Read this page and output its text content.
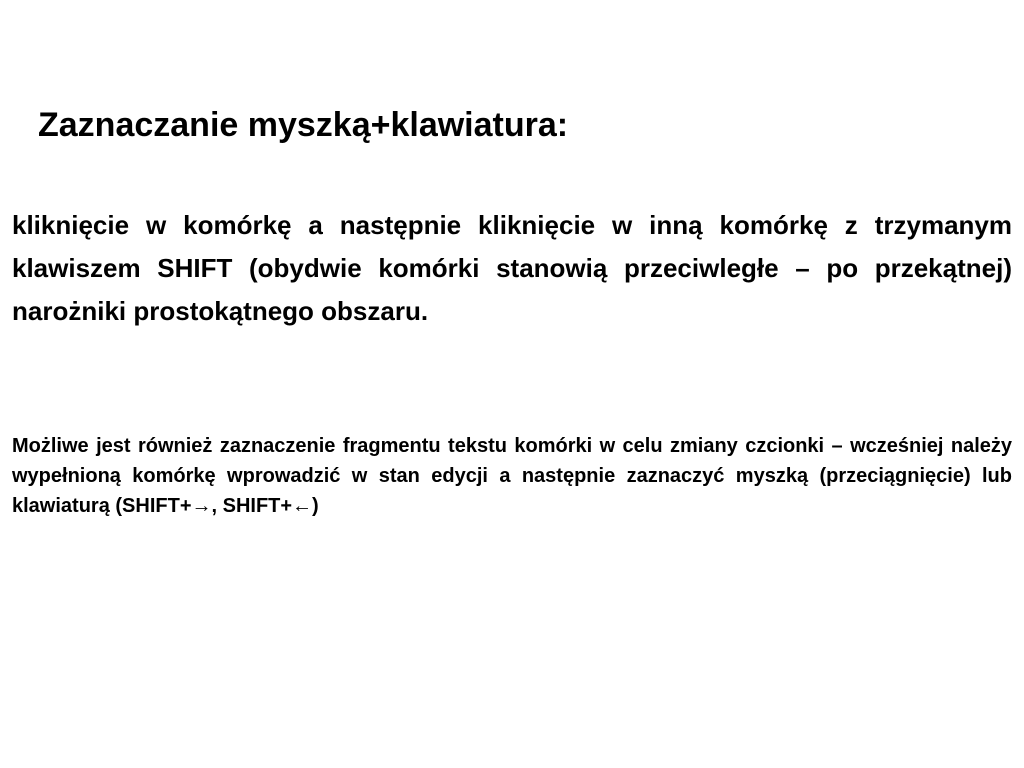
Zaznaczanie myszką+klawiatura:

kliknięcie w komórkę a następnie kliknięcie w inną komórkę z trzymanym klawiszem SHIFT (obydwie komórki stanowią przeciwległe – po przekątnej) narożniki prostokątnego obszaru.

Możliwe jest również zaznaczenie fragmentu tekstu komórki w celu zmiany czcionki – wcześniej należy wypełnioną komórkę wprowadzić w stan edycji a następnie zaznaczyć myszką (przeciągnięcie) lub klawiaturą (SHIFT+→, SHIFT+←)
